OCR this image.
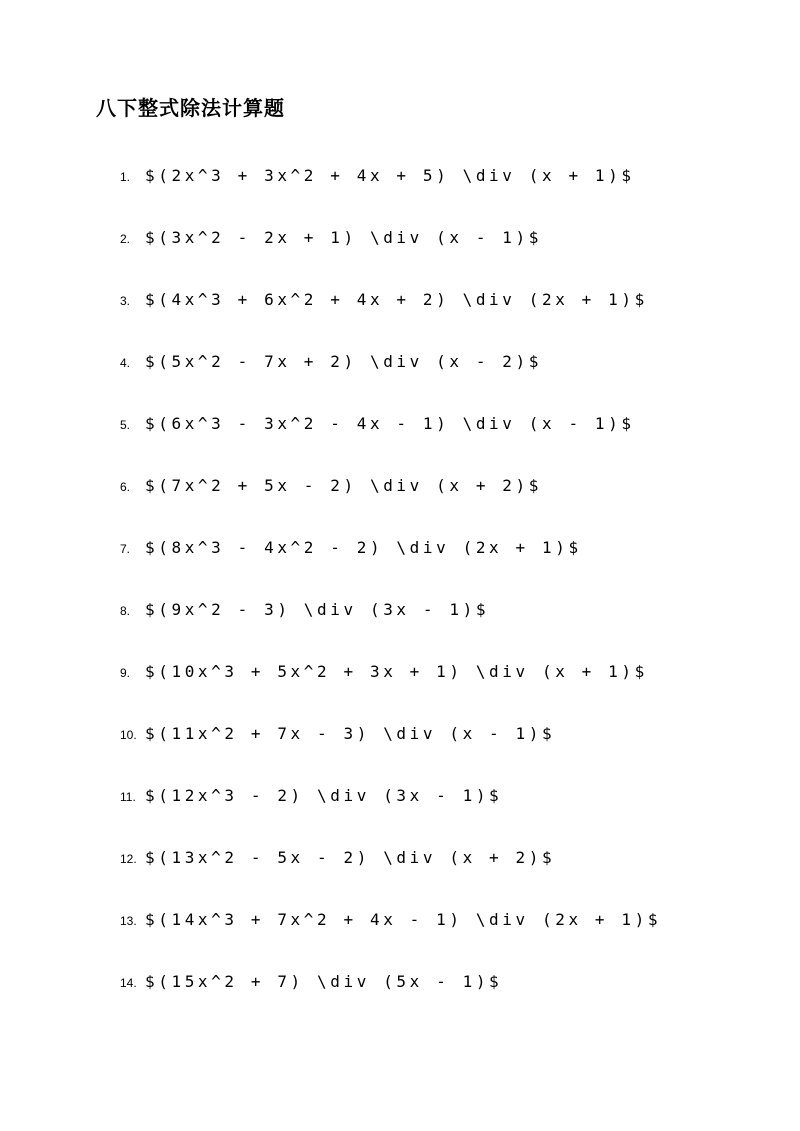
八下整式除法计算题
1. $(2x^3 + 3x^2 + 4x + 5) \div (x + 1)$
2. $(3x^2 - 2x + 1) \div (x - 1)$
3. $(4x^3 + 6x^2 + 4x + 2) \div (2x + 1)$
4. $(5x^2 - 7x + 2) \div (x - 2)$
5. $(6x^3 - 3x^2 - 4x - 1) \div (x - 1)$
6. $(7x^2 + 5x - 2) \div (x + 2)$
7. $(8x^3 - 4x^2 - 2) \div (2x + 1)$
8. $(9x^2 - 3) \div (3x - 1)$
9. $(10x^3 + 5x^2 + 3x + 1) \div (x + 1)$
10. $(11x^2 + 7x - 3) \div (x - 1)$
11. $(12x^3 - 2) \div (3x - 1)$
12. $(13x^2 - 5x - 2) \div (x + 2)$
13. $(14x^3 + 7x^2 + 4x - 1) \div (2x + 1)$
14. $(15x^2 + 7) \div (5x - 1)$
